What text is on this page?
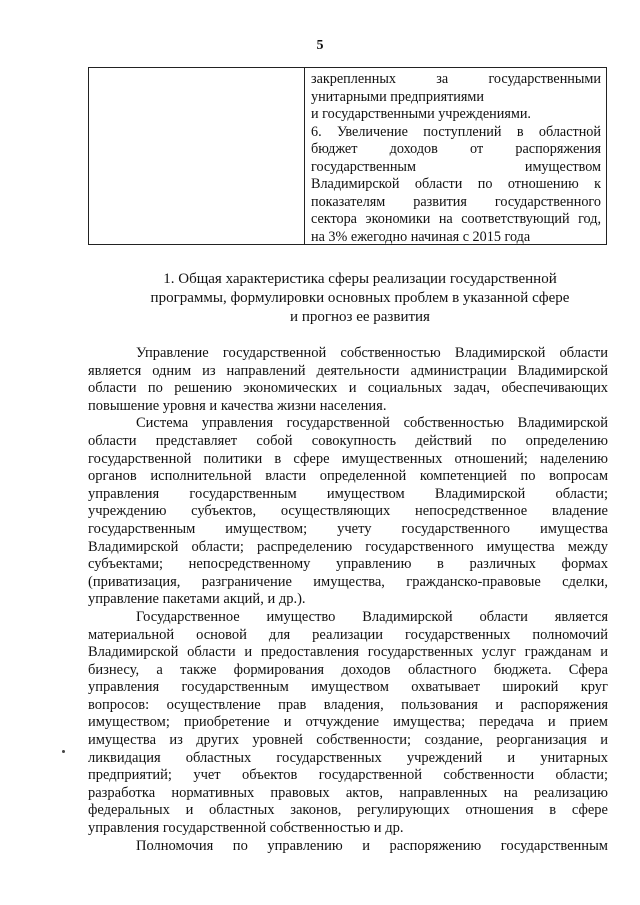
5

закрепленных за государственными

унитарными предприятиями

и государственными учреждениями.

6. Увеличение поступлений в областной

бюджет доходов от распоряжения

государственным имуществом

Владимирской области по отношению к

показателям развития государственного

сектора экономики на соответствующий год,

на 3% ежегодно начиная с 2015 года

1. Общая характеристика сферы реализации государственной
программы, формулировки основных проблем в указанной сфере
и прогноз ее развития
Управление государственной собственностью Владимирской области
является одним из направлений деятельности администрации Владимирской
области по решению экономических и социальных задач, обеспечивающих
повышение уровня и качества жизни населения.
Система управления государственной собственностью Владимирской
области представляет собой совокупность действий по определению
государственной политики в сфере имущественных отношений; наделению
органов исполнительной власти определенной компетенцией по вопросам
управления государственным имуществом Владимирской области;
учреждению субъектов, осуществляющих непосредственное владение
государственным имуществом; учету государственного имущества
Владимирской области; распределению государственного имущества между
субъектами; непосредственному управлению в различных формах
(приватизация, разграничение имущества, гражданско-правовые сделки,
управление пакетами акций, и др.).
Государственное имущество Владимирской области является
материальной основой для реализации государственных полномочий
Владимирской области и предоставления государственных услуг гражданам и
бизнесу, а также формирования доходов областного бюджета. Сфера
управления государственным имуществом охватывает широкий круг
вопросов: осуществление прав владения, пользования и распоряжения
имуществом; приобретение и отчуждение имущества; передача и прием
имущества из других уровней собственности; создание, реорганизация и
ликвидация областных государственных учреждений и унитарных
предприятий; учет объектов государственной собственности области;
разработка нормативных правовых актов, направленных на реализацию
федеральных и областных законов, регулирующих отношения в сфере
управления государственной собственностью и др.
Полномочия по управлению и распоряжению государственным
